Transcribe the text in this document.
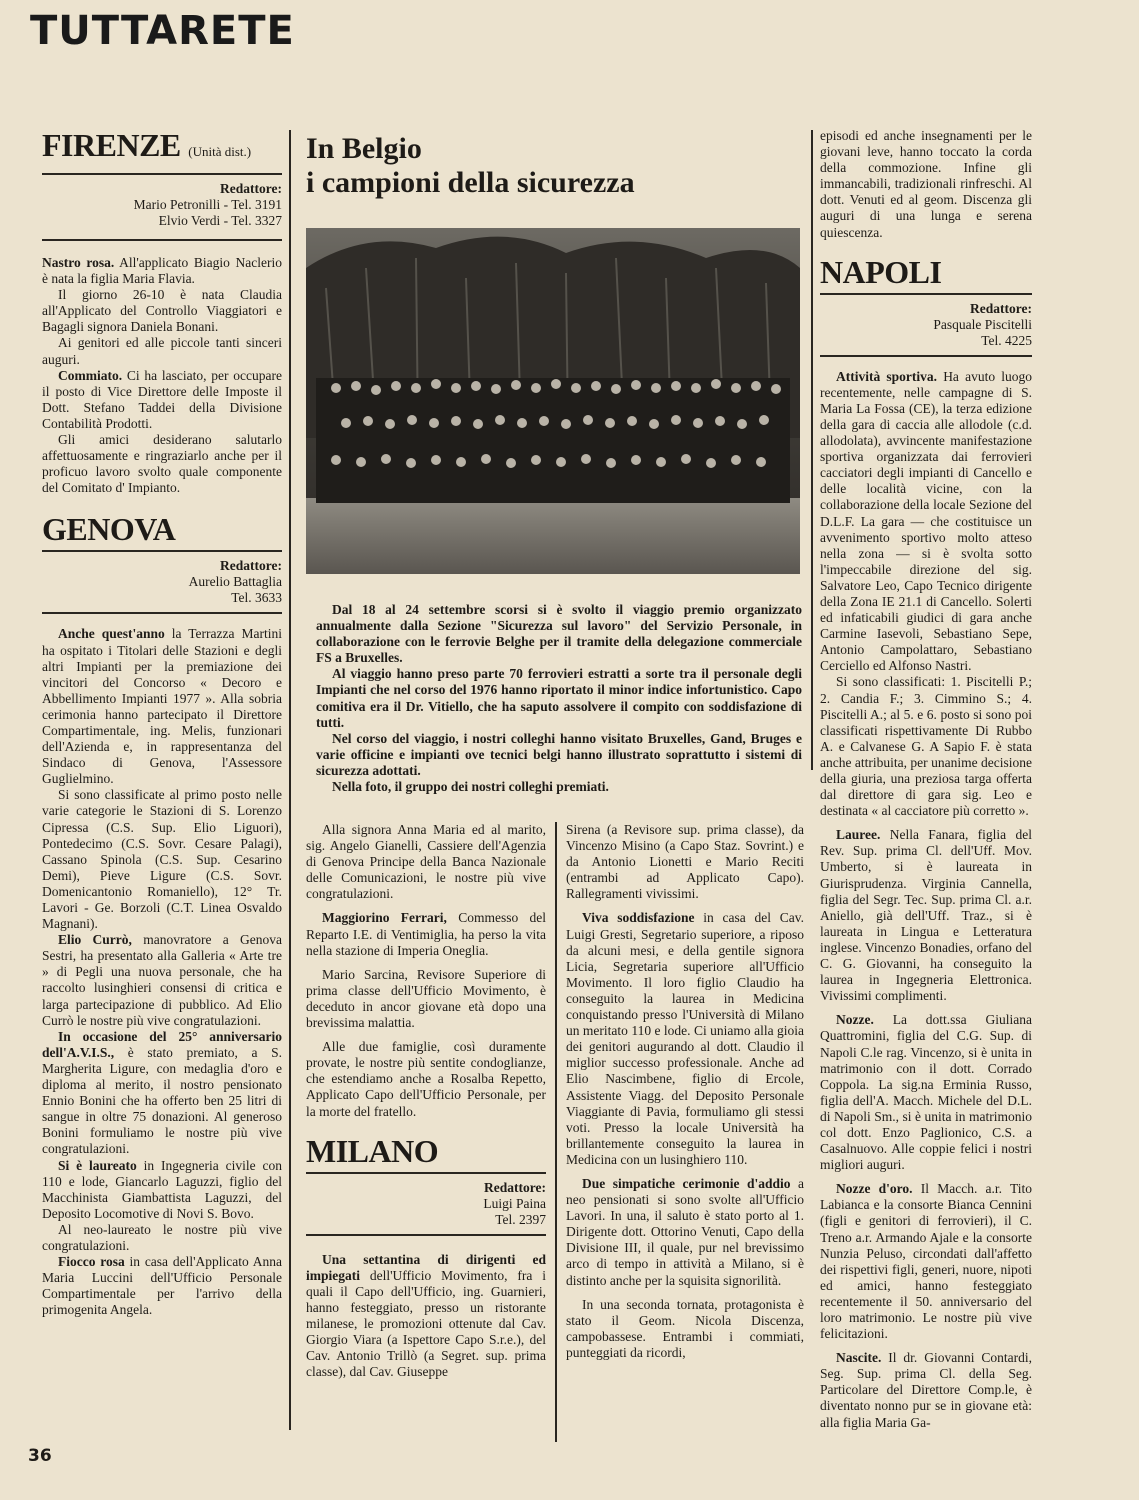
TUTTARETE
FIRENZE (Unità dist.)
Redattore:
Mario Petronilli - Tel. 3191
Elvio Verdi - Tel. 3327

Nastro rosa. All'applicato Biagio Naclerio è nata la figlia Maria Flavia.

Il giorno 26-10 è nata Claudia all'Applicato del Controllo Viaggiatori e Bagagli signora Daniela Bonani.

Ai genitori ed alle piccole tanti sinceri auguri.

Commiato. Ci ha lasciato, per occupare il posto di Vice Direttore delle Imposte il Dott. Stefano Taddei della Divisione Contabilità Prodotti.

Gli amici desiderano salutarlo affettuosamente e ringraziarlo anche per il proficuo lavoro svolto quale componente del Comitato d' Impianto.

GENOVA
Redattore:
Aurelio Battaglia
Tel. 3633

Anche quest'anno la Terrazza Martini ha ospitato i Titolari delle Stazioni e degli altri Impianti per la premiazione dei vincitori del Concorso « Decoro e Abbellimento Impianti 1977 ». Alla sobria cerimonia hanno partecipato il Direttore Compartimentale, ing. Melis, funzionari dell'Azienda e, in rappresentanza del Sindaco di Genova, l'Assessore Guglielmino.

Si sono classificate al primo posto nelle varie categorie le Stazioni di S. Lorenzo Cipressa (C.S. Sup. Elio Liguori), Pontedecimo (C.S. Sovr. Cesare Palagi), Cassano Spinola (C.S. Sup. Cesarino Demi), Pieve Ligure (C.S. Sovr. Domenicantonio Romaniello), 12° Tr. Lavori - Ge. Borzoli (C.T. Linea Osvaldo Magnani).

Elio Currò, manovratore a Genova Sestri, ha presentato alla Galleria « Arte tre » di Pegli una nuova personale, che ha raccolto lusinghieri consensi di critica e larga partecipazione di pubblico. Ad Elio Currò le nostre più vive congratulazioni.

In occasione del 25° anniversario dell'A.V.I.S., è stato premiato, a S. Margherita Ligure, con medaglia d'oro e diploma al merito, il nostro pensionato Ennio Bonini che ha offerto ben 25 litri di sangue in oltre 75 donazioni. Al generoso Bonini formuliamo le nostre più vive congratulazioni.

Si è laureato in Ingegneria civile con 110 e lode, Giancarlo Laguzzi, figlio del Macchinista Giambattista Laguzzi, del Deposito Locomotive di Novi S. Bovo.

Al neo-laureato le nostre più vive congratulazioni.

Fiocco rosa in casa dell'Applicato Anna Maria Luccini dell'Ufficio Personale Compartimentale per l'arrivo della primogenita Angela.

In Belgio
i campioni della sicurezza

Dal 18 al 24 settembre scorsi si è svolto il viaggio premio organizzato annualmente dalla Sezione "Sicurezza sul lavoro" del Servizio Personale, in collaborazione con le ferrovie Belghe per il tramite della delegazione commerciale FS a Bruxelles.

Al viaggio hanno preso parte 70 ferrovieri estratti a sorte tra il personale degli Impianti che nel corso del 1976 hanno riportato il minor indice infortunistico. Capo comitiva era il Dr. Vitiello, che ha saputo assolvere il compito con soddisfazione di tutti.

Nel corso del viaggio, i nostri colleghi hanno visitato Bruxelles, Gand, Bruges e varie officine e impianti ove tecnici belgi hanno illustrato soprattutto i sistemi di sicurezza adottati.

Nella foto, il gruppo dei nostri colleghi premiati.

Alla signora Anna Maria ed al marito, sig. Angelo Gianelli, Cassiere dell'Agenzia di Genova Principe della Banca Nazionale delle Comunicazioni, le nostre più vive congratulazioni.

Maggiorino Ferrari, Commesso del Reparto I.E. di Ventimiglia, ha perso la vita nella stazione di Imperia Oneglia.

Mario Sarcina, Revisore Superiore di prima classe dell'Ufficio Movimento, è deceduto in ancor giovane età dopo una brevissima malattia.

Alle due famiglie, così duramente provate, le nostre più sentite condoglianze, che estendiamo anche a Rosalba Repetto, Applicato Capo dell'Ufficio Personale, per la morte del fratello.

MILANO
Redattore:
Luigi Paina
Tel. 2397

Una settantina di dirigenti ed impiegati dell'Ufficio Movimento, fra i quali il Capo dell'Ufficio, ing. Guarnieri, hanno festeggiato, presso un ristorante milanese, le promozioni ottenute dal Cav. Giorgio Viara (a Ispettore Capo S.r.e.), del Cav. Antonio Trillò (a Segret. sup. prima classe), dal Cav. Giuseppe

Sirena (a Revisore sup. prima classe), da Vincenzo Misino (a Capo Staz. Sovrint.) e da Antonio Lionetti e Mario Reciti (entrambi ad Applicato Capo). Rallegramenti vivissimi.

Viva soddisfazione in casa del Cav. Luigi Gresti, Segretario superiore, a riposo da alcuni mesi, e della gentile signora Licia, Segretaria superiore all'Ufficio Movimento. Il loro figlio Claudio ha conseguito la laurea in Medicina conquistando presso l'Università di Milano un meritato 110 e lode. Ci uniamo alla gioia dei genitori augurando al dott. Claudio il miglior successo professionale. Anche ad Elio Nascimbene, figlio di Ercole, Assistente Viagg. del Deposito Personale Viaggiante di Pavia, formuliamo gli stessi voti. Presso la locale Università ha brillantemente conseguito la laurea in Medicina con un lusinghiero 110.

Due simpatiche cerimonie d'addio a neo pensionati si sono svolte all'Ufficio Lavori. In una, il saluto è stato porto al 1. Dirigente dott. Ottorino Venuti, Capo della Divisione III, il quale, pur nel brevissimo arco di tempo in attività a Milano, si è distinto anche per la squisita signorilità.

In una seconda tornata, protagonista è stato il Geom. Nicola Discenza, campobassese. Entrambi i commiati, punteggiati da ricordi,

episodi ed anche insegnamenti per le giovani leve, hanno toccato la corda della commozione. Infine gli immancabili, tradizionali rinfreschi. Al dott. Venuti ed al geom. Discenza gli auguri di una lunga e serena quiescenza.

NAPOLI
Redattore:
Pasquale Piscitelli
Tel. 4225

Attività sportiva. Ha avuto luogo recentemente, nelle campagne di S. Maria La Fossa (CE), la terza edizione della gara di caccia alle allodole (c.d. allodolata), avvincente manifestazione sportiva organizzata dai ferrovieri cacciatori degli impianti di Cancello e delle località vicine, con la collaborazione della locale Sezione del D.L.F. La gara — che costituisce un avvenimento sportivo molto atteso nella zona — si è svolta sotto l'impeccabile direzione del sig. Salvatore Leo, Capo Tecnico dirigente della Zona IE 21.1 di Cancello. Solerti ed infaticabili giudici di gara anche Carmine Iasevoli, Sebastiano Sepe, Antonio Campolattaro, Sebastiano Cerciello ed Alfonso Nastri.

Si sono classificati: 1. Piscitelli P.; 2. Candia F.; 3. Cimmino S.; 4. Piscitelli A.; al 5. e 6. posto si sono poi classificati rispettivamente Di Rubbo A. e Calvanese G. A Sapio F. è stata anche attribuita, per unanime decisione della giuria, una preziosa targa offerta dal direttore di gara sig. Leo e destinata « al cacciatore più corretto ».

Lauree. Nella Fanara, figlia del Rev. Sup. prima Cl. dell'Uff. Mov. Umberto, si è laureata in Giurisprudenza. Virginia Cannella, figlia del Segr. Tec. Sup. prima Cl. a.r. Aniello, già dell'Uff. Traz., si è laureata in Lingua e Letteratura inglese. Vincenzo Bonadies, orfano del C. G. Giovanni, ha conseguito la laurea in Ingegneria Elettronica. Vivissimi complimenti.

Nozze. La dott.ssa Giuliana Quattromini, figlia del C.G. Sup. di Napoli C.le rag. Vincenzo, si è unita in matrimonio con il dott. Corrado Coppola. La sig.na Erminia Russo, figlia dell'A. Macch. Michele del D.L. di Napoli Sm., si è unita in matrimonio col dott. Enzo Paglionico, C.S. a Casalnuovo. Alle coppie felici i nostri migliori auguri.

Nozze d'oro. Il Macch. a.r. Tito Labianca e la consorte Bianca Cennini (figli e genitori di ferrovieri), il C. Treno a.r. Armando Ajale e la consorte Nunzia Peluso, circondati dall'affetto dei rispettivi figli, generi, nuore, nipoti ed amici, hanno festeggiato recentemente il 50. anniversario del loro matrimonio. Le nostre più vive felicitazioni.

Nascite. Il dr. Giovanni Contardi, Seg. Sup. prima Cl. della Seg. Particolare del Direttore Comp.le, è diventato nonno pur se in giovane età: alla figlia Maria Ga-

36
